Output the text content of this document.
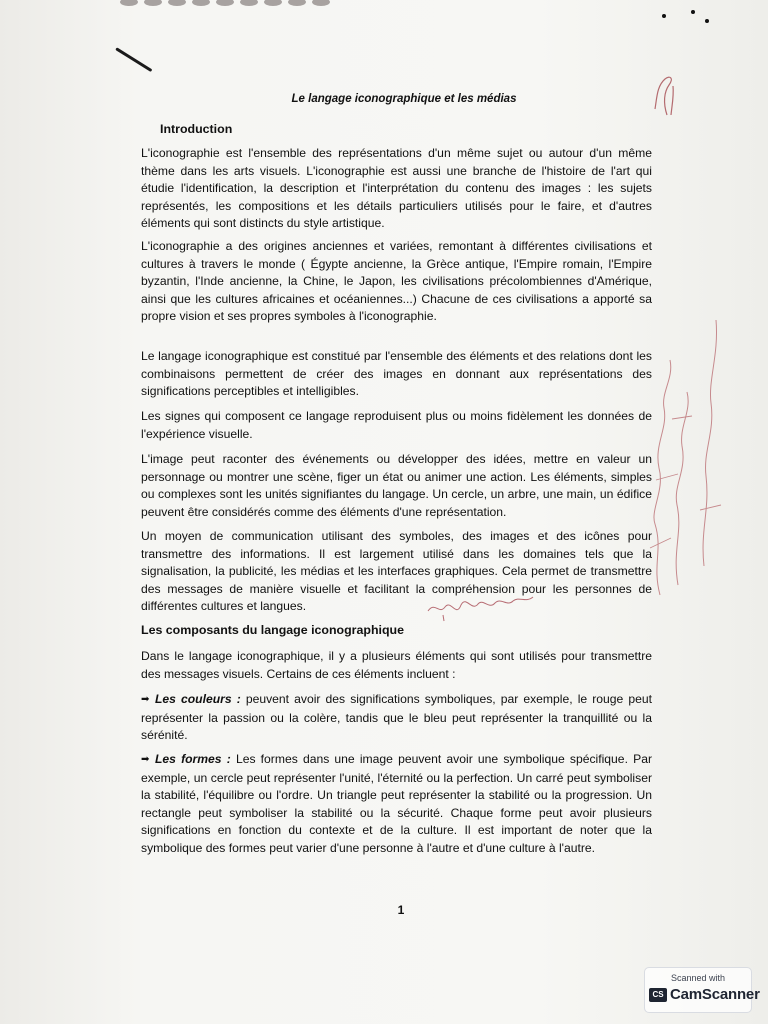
Le langage iconographique et les médias
Introduction
L'iconographie est l'ensemble des représentations d'un même sujet ou autour d'un même thème dans les arts visuels. L'iconographie est aussi une branche de l'histoire de l'art qui étudie l'identification, la description et l'interprétation du contenu des images : les sujets représentés, les compositions et les détails particuliers utilisés pour le faire, et d'autres éléments qui sont distincts du style artistique.
L'iconographie a des origines anciennes et variées, remontant à différentes civilisations et cultures à travers le monde ( Égypte ancienne, la Grèce antique, l'Empire romain, l'Empire byzantin, l'Inde ancienne, la Chine, le Japon, les civilisations précolombiennes d'Amérique, ainsi que les cultures africaines et océaniennes...) Chacune de ces civilisations a apporté sa propre vision et ses propres symboles à l'iconographie.
Le langage iconographique est constitué par l'ensemble des éléments et des relations dont les combinaisons permettent de créer des images en donnant aux représentations des significations perceptibles et intelligibles.
Les signes qui composent ce langage reproduisent plus ou moins fidèlement les données de l'expérience visuelle.
L'image peut raconter des événements ou développer des idées, mettre en valeur un personnage ou montrer une scène, figer un état ou animer une action. Les éléments, simples ou complexes sont les unités signifiantes du langage. Un cercle, un arbre, une main, un édifice peuvent être considérés comme des éléments d'une représentation.
Un moyen de communication utilisant des symboles, des images et des icônes pour transmettre des informations. Il est largement utilisé dans les domaines tels que la signalisation, la publicité, les médias et les interfaces graphiques. Cela permet de transmettre des messages de manière visuelle et facilitant la compréhension pour les personnes de différentes cultures et langues.
Les composants du langage iconographique
Dans le langage iconographique, il y a plusieurs éléments qui sont utilisés pour transmettre des messages visuels. Certains de ces éléments incluent :
➡ Les couleurs : peuvent avoir des significations symboliques, par exemple, le rouge peut représenter la passion ou la colère, tandis que le bleu peut représenter la tranquillité ou la sérénité.
➡ Les formes : Les formes dans une image peuvent avoir une symbolique spécifique. Par exemple, un cercle peut représenter l'unité, l'éternité ou la perfection. Un carré peut symboliser la stabilité, l'équilibre ou l'ordre. Un triangle peut représenter la stabilité ou la progression. Un rectangle peut symboliser la stabilité ou la sécurité. Chaque forme peut avoir plusieurs significations en fonction du contexte et de la culture. Il est important de noter que la symbolique des formes peut varier d'une personne à l'autre et d'une culture à l'autre.
1
Scanned with
CS CamScanner
